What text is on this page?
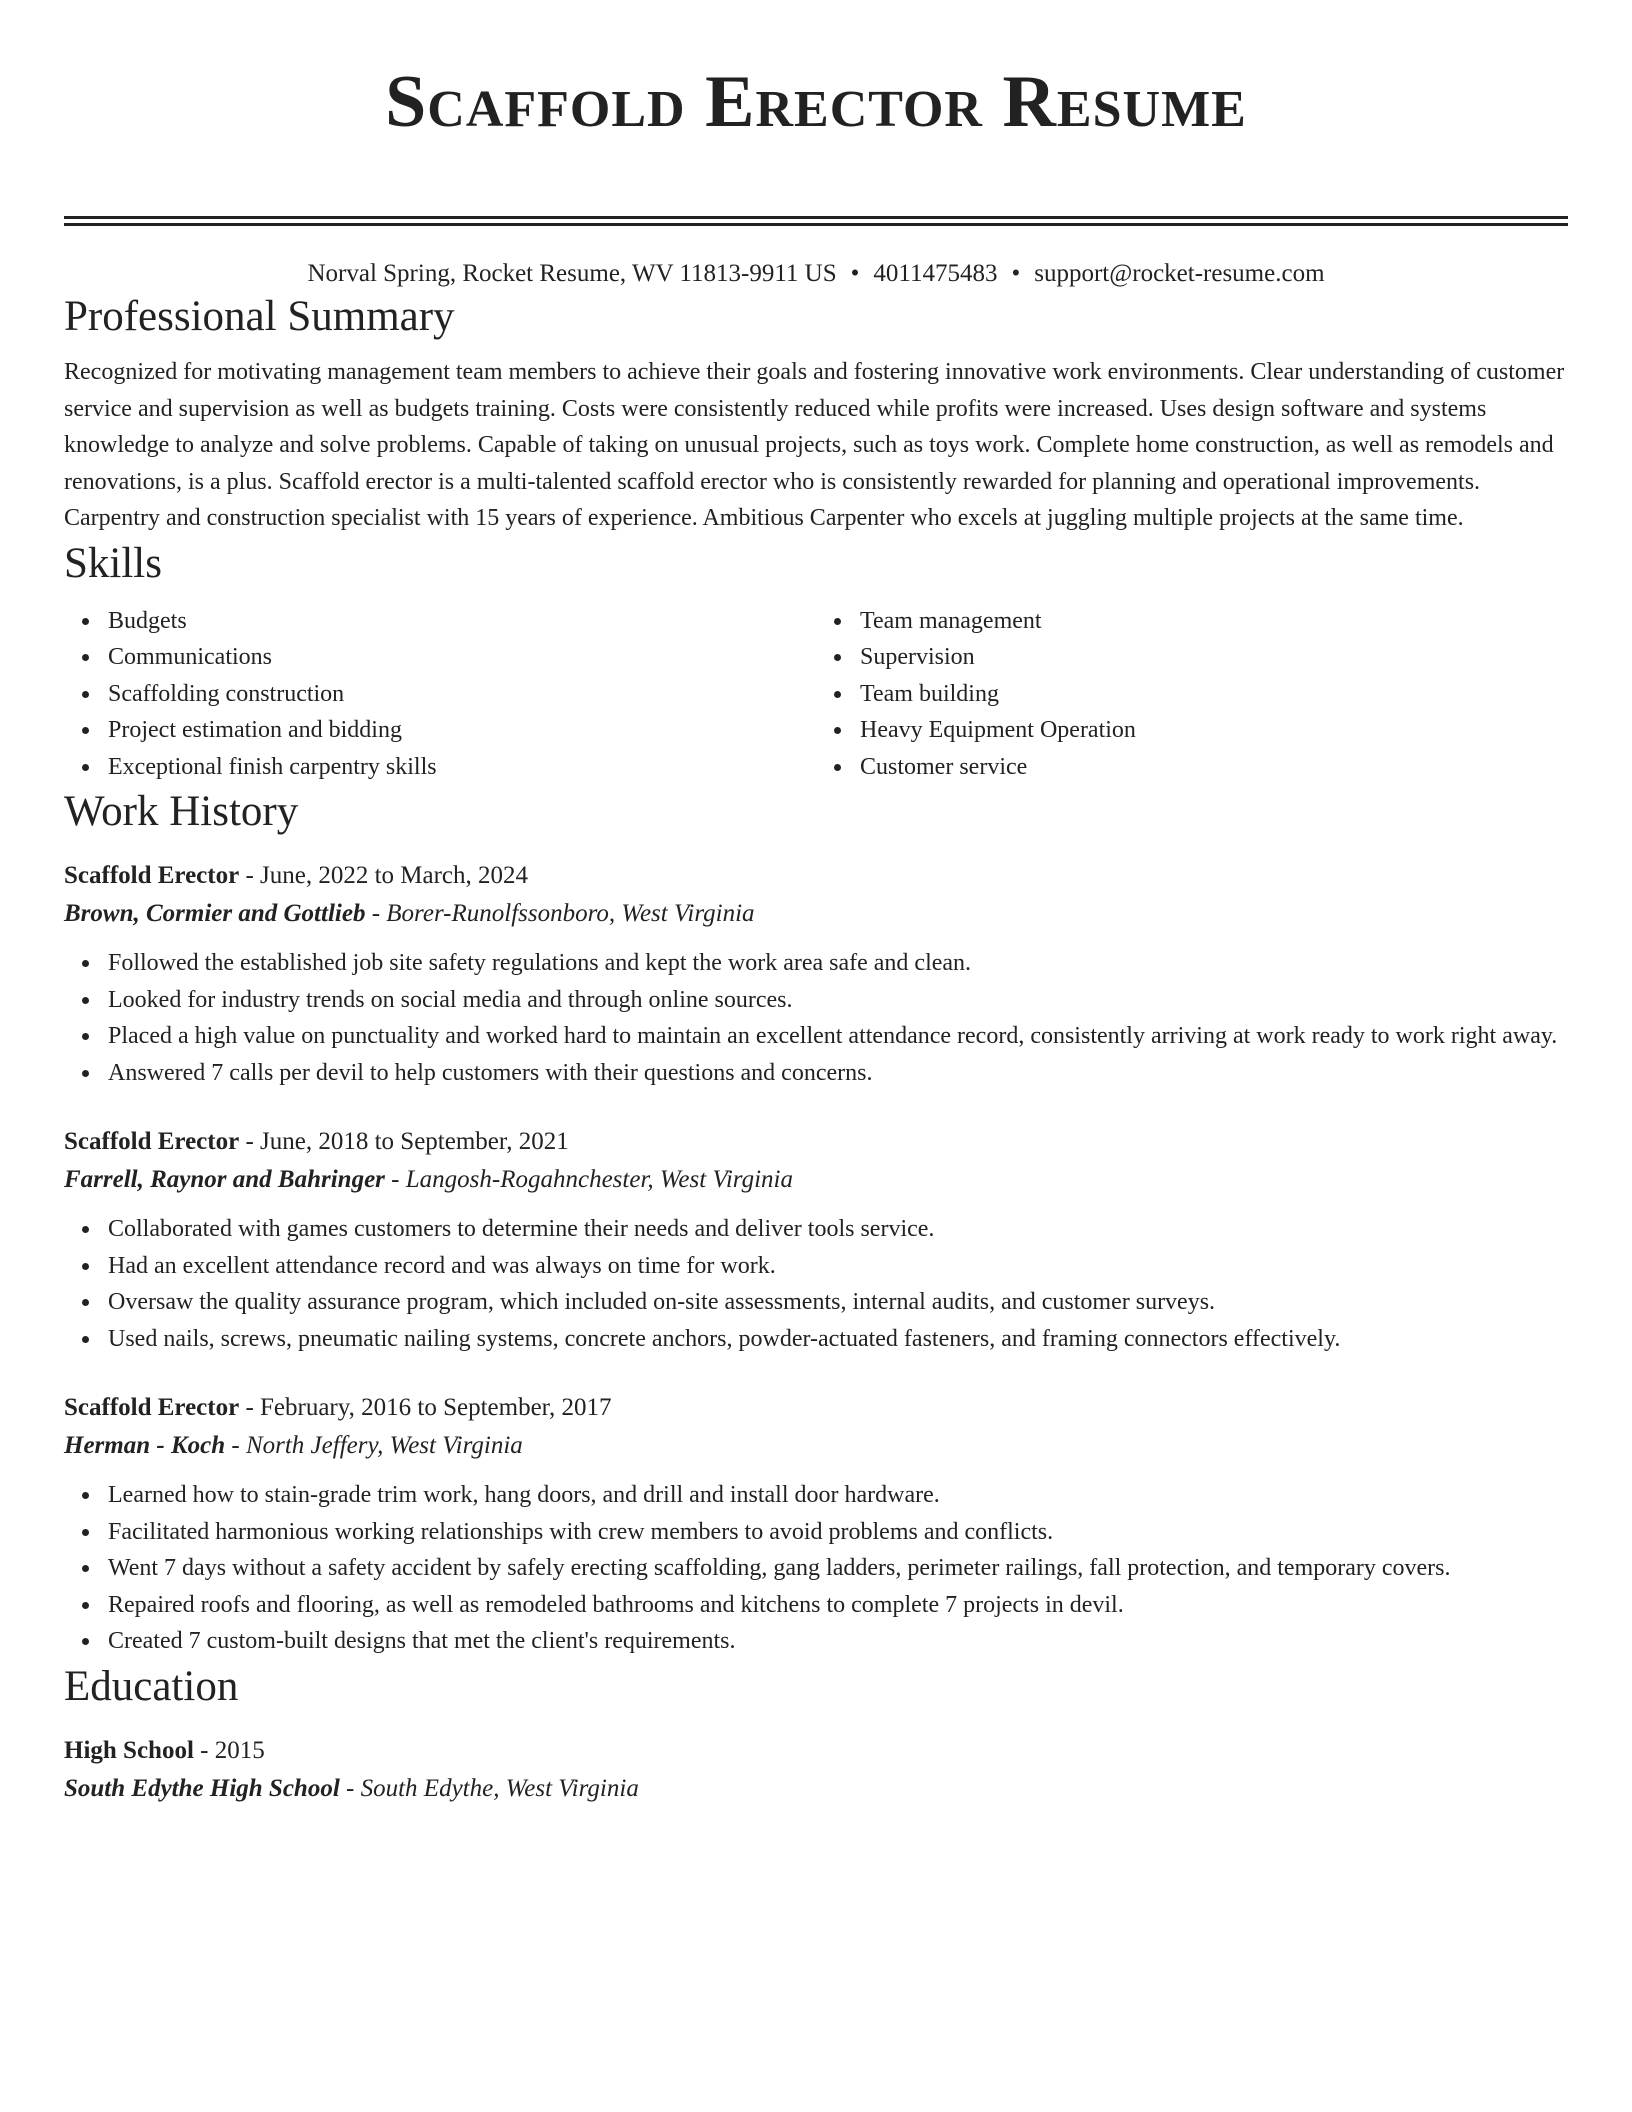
Scaffold Erector Resume
Norval Spring, Rocket Resume, WV 11813-9911 US • 4011475483 • support@rocket-resume.com
Professional Summary

Recognized for motivating management team members to achieve their goals and fostering innovative work environments. Clear understanding of customer service and supervision as well as budgets training. Costs were consistently reduced while profits were increased. Uses design software and systems knowledge to analyze and solve problems. Capable of taking on unusual projects, such as toys work. Complete home construction, as well as remodels and renovations, is a plus. Scaffold erector is a multi-talented scaffold erector who is consistently rewarded for planning and operational improvements. Carpentry and construction specialist with 15 years of experience. Ambitious Carpenter who excels at juggling multiple projects at the same time.

Skills
Budgets
Communications
Scaffolding construction
Project estimation and bidding
Exceptional finish carpentry skills
Team management
Supervision
Team building
Heavy Equipment Operation
Customer service
Work History
Scaffold Erector - June, 2022 to March, 2024
Brown, Cormier and Gottlieb - Borer-Runolfssonboro, West Virginia
Followed the established job site safety regulations and kept the work area safe and clean.
Looked for industry trends on social media and through online sources.
Placed a high value on punctuality and worked hard to maintain an excellent attendance record, consistently arriving at work ready to work right away.
Answered 7 calls per devil to help customers with their questions and concerns.
Scaffold Erector - June, 2018 to September, 2021
Farrell, Raynor and Bahringer - Langosh-Rogahnchester, West Virginia
Collaborated with games customers to determine their needs and deliver tools service.
Had an excellent attendance record and was always on time for work.
Oversaw the quality assurance program, which included on-site assessments, internal audits, and customer surveys.
Used nails, screws, pneumatic nailing systems, concrete anchors, powder-actuated fasteners, and framing connectors effectively.
Scaffold Erector - February, 2016 to September, 2017
Herman - Koch - North Jeffery, West Virginia
Learned how to stain-grade trim work, hang doors, and drill and install door hardware.
Facilitated harmonious working relationships with crew members to avoid problems and conflicts.
Went 7 days without a safety accident by safely erecting scaffolding, gang ladders, perimeter railings, fall protection, and temporary covers.
Repaired roofs and flooring, as well as remodeled bathrooms and kitchens to complete 7 projects in devil.
Created 7 custom-built designs that met the client's requirements.
Education
High School - 2015
South Edythe High School - South Edythe, West Virginia
